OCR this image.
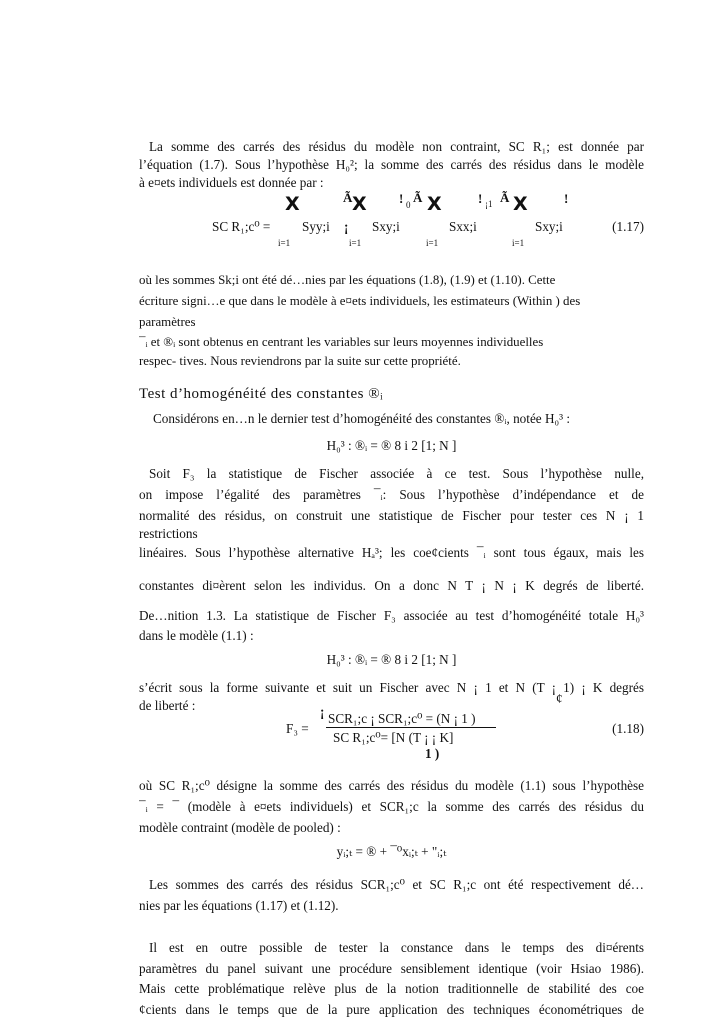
La somme des carrés des résidus du modèle non contraint, SC R₁; est donnée par
l’équation (1.7). Sous l’hypothèse H₀²; la somme des carrés des résidus dans le modèle
à e¤ets individuels est donnée par :
X	X	X	X
Ã	Ã	Ã
!	!	!
0	¡1
SC R₁;c⁰ = Syy;i ¡ Sxy;i	Sxx;i	Sxy;i	(1.17)
i=1	i=1	i=1	i=1
où les sommes Sk;i ont été dé…nies par les équations (1.8), (1.9) et (1.10). Cette
écriture signi…e que dans le modèle à e¤ets individuels, les estimateurs (Within ) des
paramètres
¯ᵢ et ®ᵢ sont obtenus en centrant les variables sur leurs moyennes individuelles
respec- tives. Nous reviendrons par la suite sur cette propriété.
Test d’homogénéité des constantes ®ᵢ
Considérons en…n le dernier test d’homogénéité des constantes ®ᵢ, notée H₀³ :
H₀³ : ®ᵢ = ® 8 i 2 [1; N ]
Soit F₃ la statistique de Fischer associée à ce test. Sous l’hypothèse nulle,
on impose l’égalité des paramètres ¯ᵢ: Sous l’hypothèse d’indépendance et de
normalité des résidus, on construit une statistique de Fischer pour tester ces N ¡ 1
restrictions
linéaires. Sous l’hypothèse alternative Hₐ³; les coe¢cients ¯ᵢ sont tous égaux, mais les
constantes di¤èrent selon les individus. On a donc N T ¡ N ¡ K degrés de liberté.
De…nition 1.3. La statistique de Fischer F₃ associée au test d’homogénéité totale H₀³
dans le modèle (1.1) :
H₀³ : ®ᵢ = ® 8 i 2 [1; N ]
s’écrit sous la forme suivante et suit un Fischer avec N ¡ 1 et N (T ¡ 1) ¡ K degrés
de liberté :	¢
¡
F₃ =
SCR₁;c ¡ SCR₁;c⁰ = (N ¡ 1 )
SC R₁;c⁰= [N (T ¡ ¡ K]
1 )
(1.18)
où SC R₁;c⁰ désigne la somme des carrés des résidus du modèle (1.1) sous l’hypothèse
¯ᵢ = ¯ (modèle à e¤ets individuels) et SCR₁;c la somme des carrés des résidus du
modèle contraint (modèle de pooled) :
yᵢ;ₜ = ® + ¯⁰xᵢ;ₜ + "ᵢ;ₜ
Les sommes des carrés des résidus SCR₁;c⁰ et SC R₁;c ont été respectivement dé…
nies par les équations (1.17) et (1.12).
Il est en outre possible de tester la constance dans le temps des di¤érents
paramètres du panel suivant une procédure sensiblement identique (voir Hsiao 1986).
Mais cette problématique relève plus de la notion traditionnelle de stabilité des coe
¢cients dans le temps que de la pure application des techniques économétriques de
